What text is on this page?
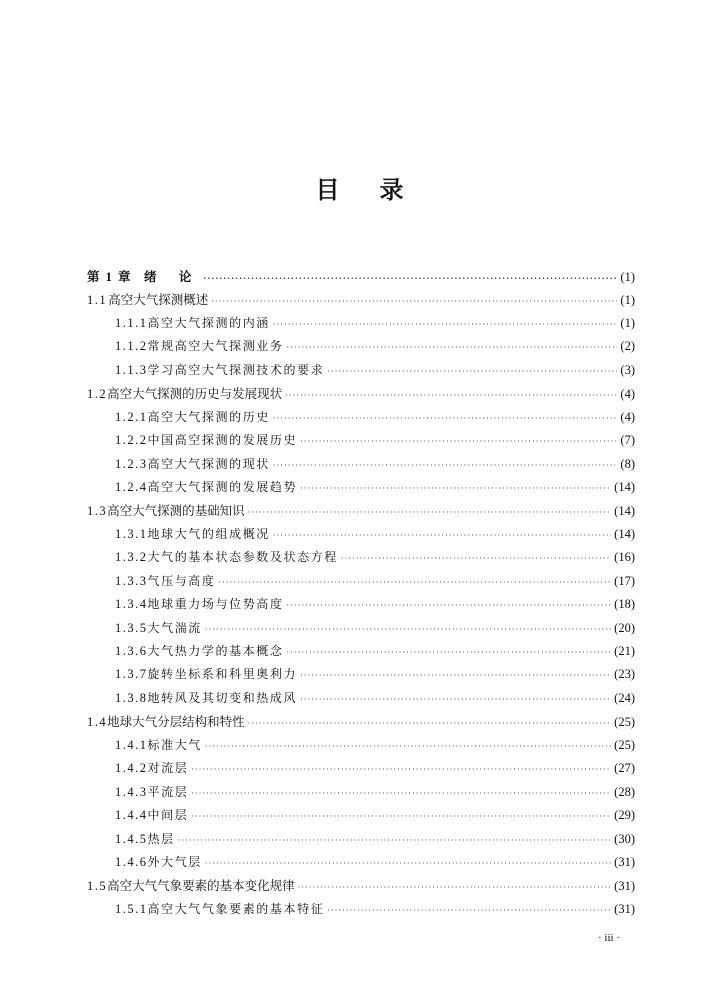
目 录
第 1 章 绪 论 ·····	(1)
1.1 高空大气探测概述 ·····	(1)
1.1.1 高空大气探测的内涵 ·····	(1)
1.1.2 常规高空大气探测业务 ·····	(2)
1.1.3 学习高空大气探测技术的要求 ·····	(3)
1.2 高空大气探测的历史与发展现状 ·····	(4)
1.2.1 高空大气探测的历史 ·····	(4)
1.2.2 中国高空探测的发展历史 ·····	(7)
1.2.3 高空大气探测的现状 ·····	(8)
1.2.4 高空大气探测的发展趋势 ·····	(14)
1.3 高空大气探测的基础知识 ·····	(14)
1.3.1 地球大气的组成概况 ·····	(14)
1.3.2 大气的基本状态参数及状态方程 ·····	(16)
1.3.3 气压与高度 ·····	(17)
1.3.4 地球重力场与位势高度 ·····	(18)
1.3.5 大气湍流 ·····	(20)
1.3.6 大气热力学的基本概念 ·····	(21)
1.3.7 旋转坐标系和科里奥利力 ·····	(23)
1.3.8 地转风及其切变和热成风 ·····	(24)
1.4 地球大气分层结构和特性 ·····	(25)
1.4.1 标准大气 ·····	(25)
1.4.2 对流层 ·····	(27)
1.4.3 平流层 ·····	(28)
1.4.4 中间层 ·····	(29)
1.4.5 热层 ·····	(30)
1.4.6 外大气层 ·····	(31)
1.5 高空大气气象要素的基本变化规律 ·····	(31)
1.5.1 高空大气气象要素的基本特征 ·····	(31)
· iii ·
